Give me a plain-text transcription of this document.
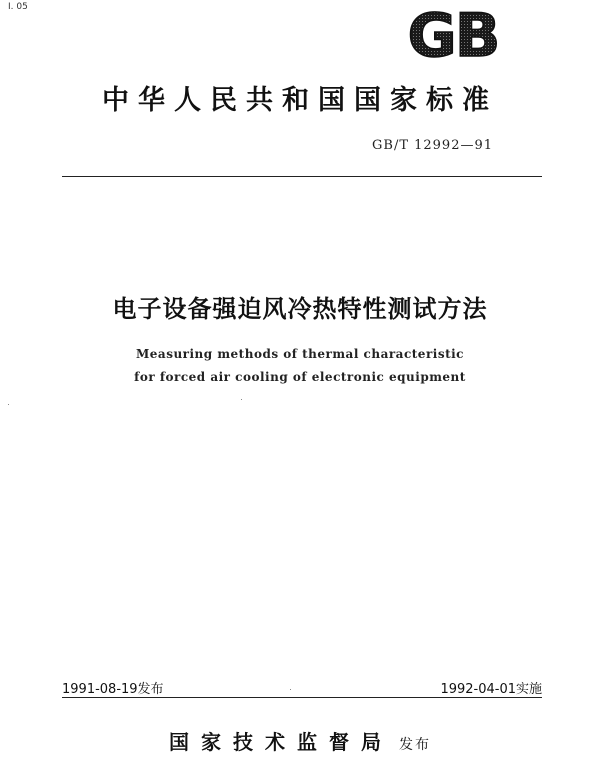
I. 05	GB
中华人民共和国国家标准
GB/T 12992—91
电子设备强迫风冷热特性测试方法
Measuring methods of thermal characteristic
for forced air cooling of electronic equipment
1991-08-19发布	1992-04-01实施
国家技术监督局 发布
